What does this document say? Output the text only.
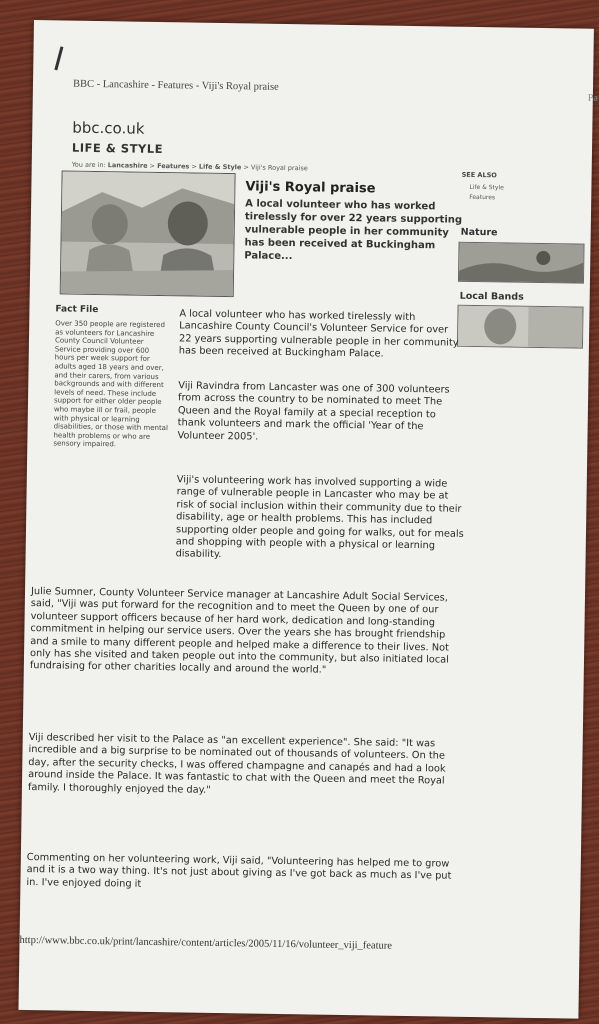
BBC - Lancashire - Features - Viji's Royal praise
Pa
bbc.co.uk
LIFE & STYLE
You are in: Lancashire > Features > Life & Style > Viji's Royal praise
Viji's Royal praise
A local volunteer who has worked tirelessly for over 22 years supporting vulnerable people in her community has been received at Buckingham Palace...
SEE ALSO
Life & Style
Features
Nature
Local Bands
Fact File
Over 350 people are registered as volunteers for Lancashire County Council Volunteer Service providing over 600 hours per week support for adults aged 18 years and over, and their carers, from various backgrounds and with different levels of need. These include support for either older people who maybe ill or frail, people with physical or learning disabilities, or those with mental health problems or who are sensory impaired.
A local volunteer who has worked tirelessly with Lancashire County Council's Volunteer Service for over 22 years supporting vulnerable people in her community has been received at Buckingham Palace.
Viji Ravindra from Lancaster was one of 300 volunteers from across the country to be nominated to meet The Queen and the Royal family at a special reception to thank volunteers and mark the official 'Year of the Volunteer 2005'.
Viji's volunteering work has involved supporting a wide range of vulnerable people in Lancaster who may be at risk of social inclusion within their community due to their disability, age or health problems. This has included supporting older people and going for walks, out for meals and shopping with people with a physical or learning disability.
Julie Sumner, County Volunteer Service manager at Lancashire Adult Social Services, said, "Viji was put forward for the recognition and to meet the Queen by one of our volunteer support officers because of her hard work, dedication and long-standing commitment in helping our service users. Over the years she has brought friendship and a smile to many different people and helped make a difference to their lives. Not only has she visited and taken people out into the community, but also initiated local fundraising for other charities locally and around the world."
Viji described her visit to the Palace as "an excellent experience". She said: "It was incredible and a big surprise to be nominated out of thousands of volunteers. On the day, after the security checks, I was offered champagne and canapés and had a look around inside the Palace. It was fantastic to chat with the Queen and meet the Royal family. I thoroughly enjoyed the day."
Commenting on her volunteering work, Viji said, "Volunteering has helped me to grow and it is a two way thing. It's not just about giving as I've got back as much as I've put in. I've enjoyed doing it
http://www.bbc.co.uk/print/lancashire/content/articles/2005/11/16/volunteer_viji_feature
